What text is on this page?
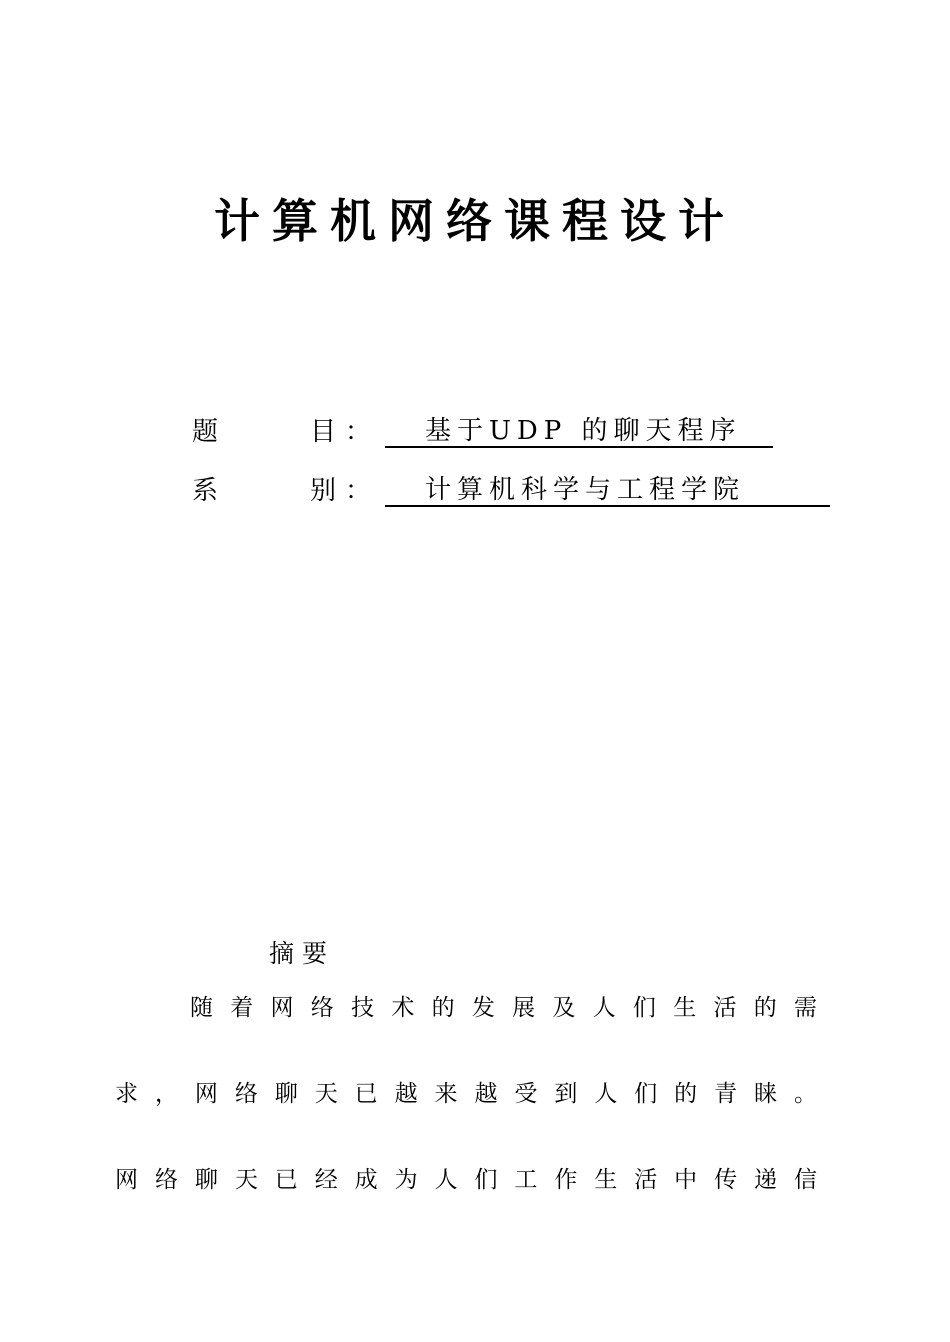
计算机网络课程设计
题	目 ：	基于UDP 的聊天程序
系	别 ：	计算机科学与工程学院
摘要
随 着 网 络 技 术 的 发 展 及 人 们 生 活 的 需
求 ， 网 络 聊 天 已 越 来 越 受 到 人 们 的 青 睐 。
网 络 聊 天 已 经 成 为 人 们 工 作 生 活 中 传 递 信
